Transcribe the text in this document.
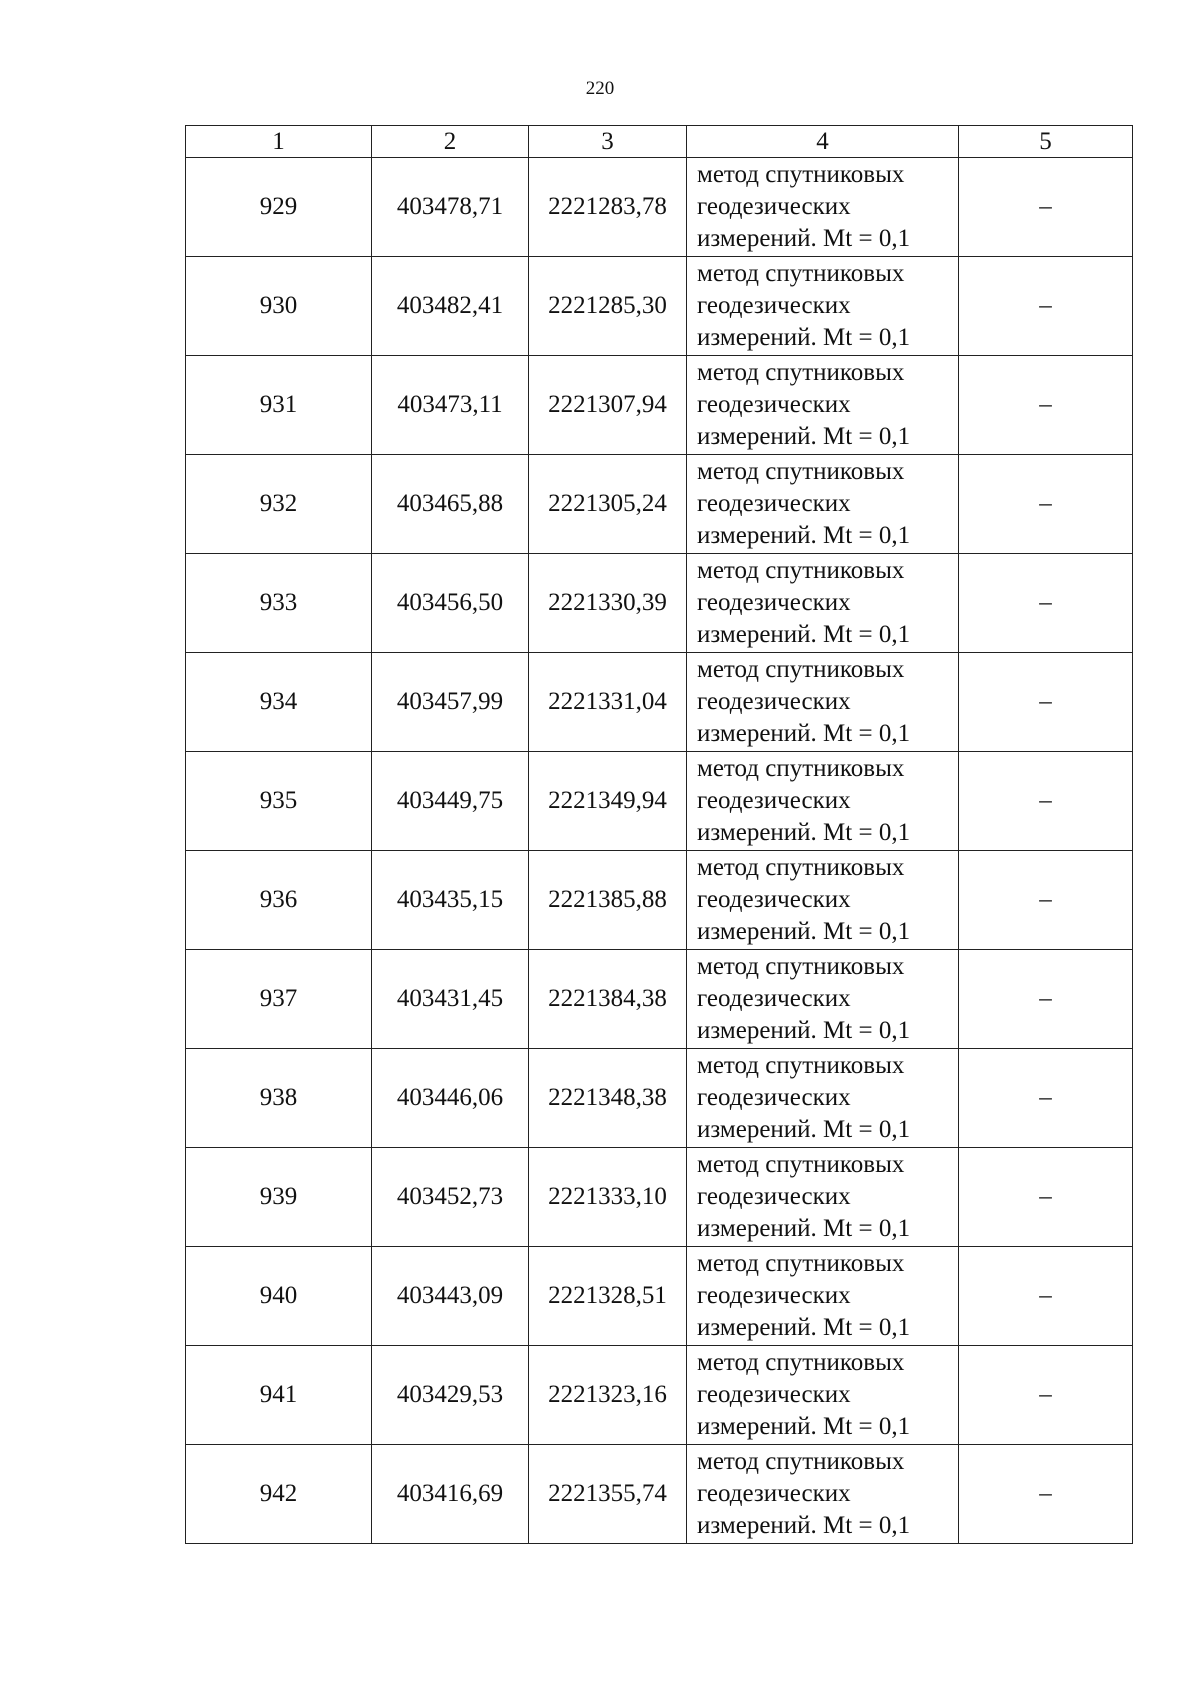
220
1	2	3	4	5
929	403478,71	2221283,78	метод спутниковых
геодезических
измерений. Mt = 0,1	–
930	403482,41	2221285,30	метод спутниковых
геодезических
измерений. Mt = 0,1	–
931	403473,11	2221307,94	метод спутниковых
геодезических
измерений. Mt = 0,1	–
932	403465,88	2221305,24	метод спутниковых
геодезических
измерений. Mt = 0,1	–
933	403456,50	2221330,39	метод спутниковых
геодезических
измерений. Mt = 0,1	–
934	403457,99	2221331,04	метод спутниковых
геодезических
измерений. Mt = 0,1	–
935	403449,75	2221349,94	метод спутниковых
геодезических
измерений. Mt = 0,1	–
936	403435,15	2221385,88	метод спутниковых
геодезических
измерений. Mt = 0,1	–
937	403431,45	2221384,38	метод спутниковых
геодезических
измерений. Mt = 0,1	–
938	403446,06	2221348,38	метод спутниковых
геодезических
измерений. Mt = 0,1	–
939	403452,73	2221333,10	метод спутниковых
геодезических
измерений. Mt = 0,1	–
940	403443,09	2221328,51	метод спутниковых
геодезических
измерений. Mt = 0,1	–
941	403429,53	2221323,16	метод спутниковых
геодезических
измерений. Mt = 0,1	–
942	403416,69	2221355,74	метод спутниковых
геодезических
измерений. Mt = 0,1	–
